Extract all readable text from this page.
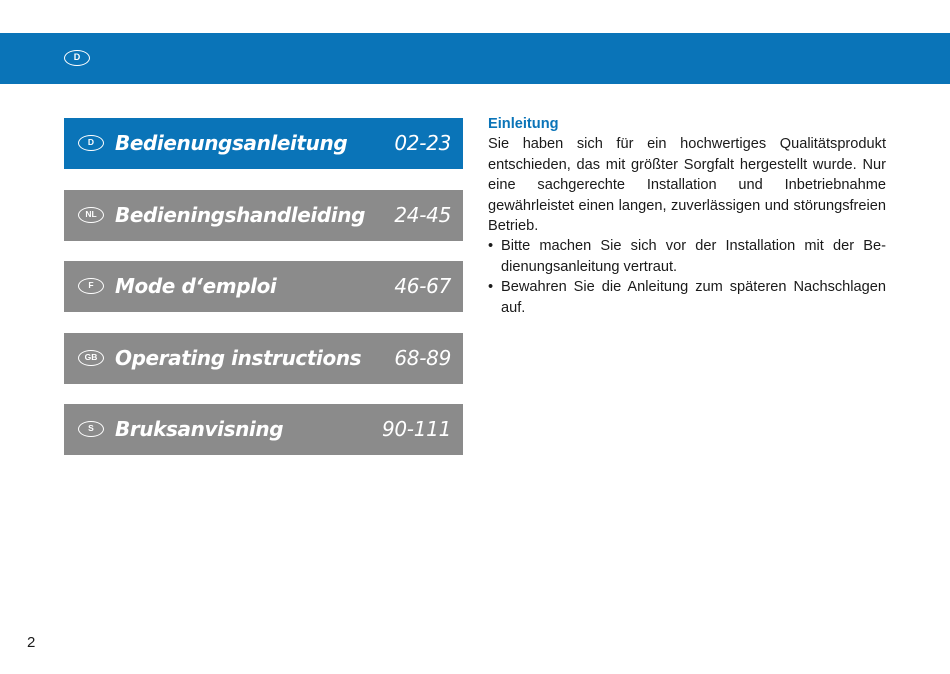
D
D	Bedienungsanleitung 02-23
NL Bedieningshandleiding 24-45
F	Mode d‘emploi	46-67
GB Operating instructions 68-89
S	Bruksanvisning	90-111
Einleitung

Sie haben sich für ein hochwertiges Qualitätsprodukt entschieden, das mit größter Sorgfalt hergestellt wurde. Nur eine sachgerechte Installation und Inbetriebnahme gewährleistet einen langen, zuverlässigen und störungsfreien Betrieb.

• Bitte machen Sie sich vor der Installation mit der Bedienungsanleitung vertraut.
• Bewahren Sie die Anleitung zum späteren Nachschlagen auf.
2
